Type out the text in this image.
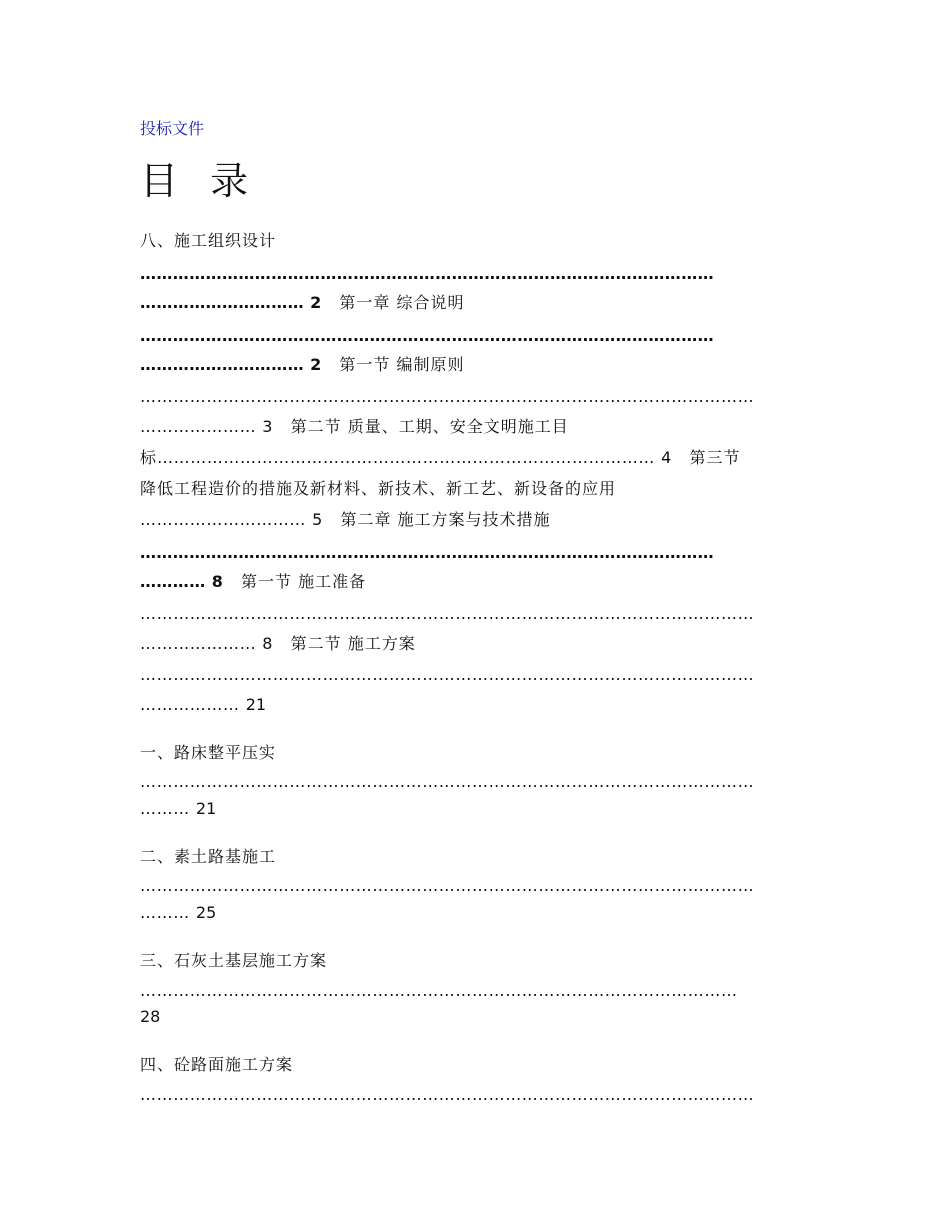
投标文件
目 录
八、施工组织设计
……………………………………………………………………………………………
………………………… 2 第一章 综合说明
……………………………………………………………………………………………
………………………… 2 第一节 编制原则
…………………………………………………………………………………………………
………………… 3 第二节 质量、工期、安全文明施工目
标……………………………………………………………………………… 4 第三节
降低工程造价的措施及新材料、新技术、新工艺、新设备的应用
………………………… 5 第二章 施工方案与技术措施
……………………………………………………………………………………………
………… 8 第一节 施工准备
…………………………………………………………………………………………………
………………… 8 第二节 施工方案
…………………………………………………………………………………………………
……………… 21
一、路床整平压实
…………………………………………………………………………………………………
……… 21
二、素土路基施工
…………………………………………………………………………………………………
……… 25
三、石灰土基层施工方案
………………………………………………………………………………………………
28
四、砼路面施工方案
…………………………………………………………………………………………………
